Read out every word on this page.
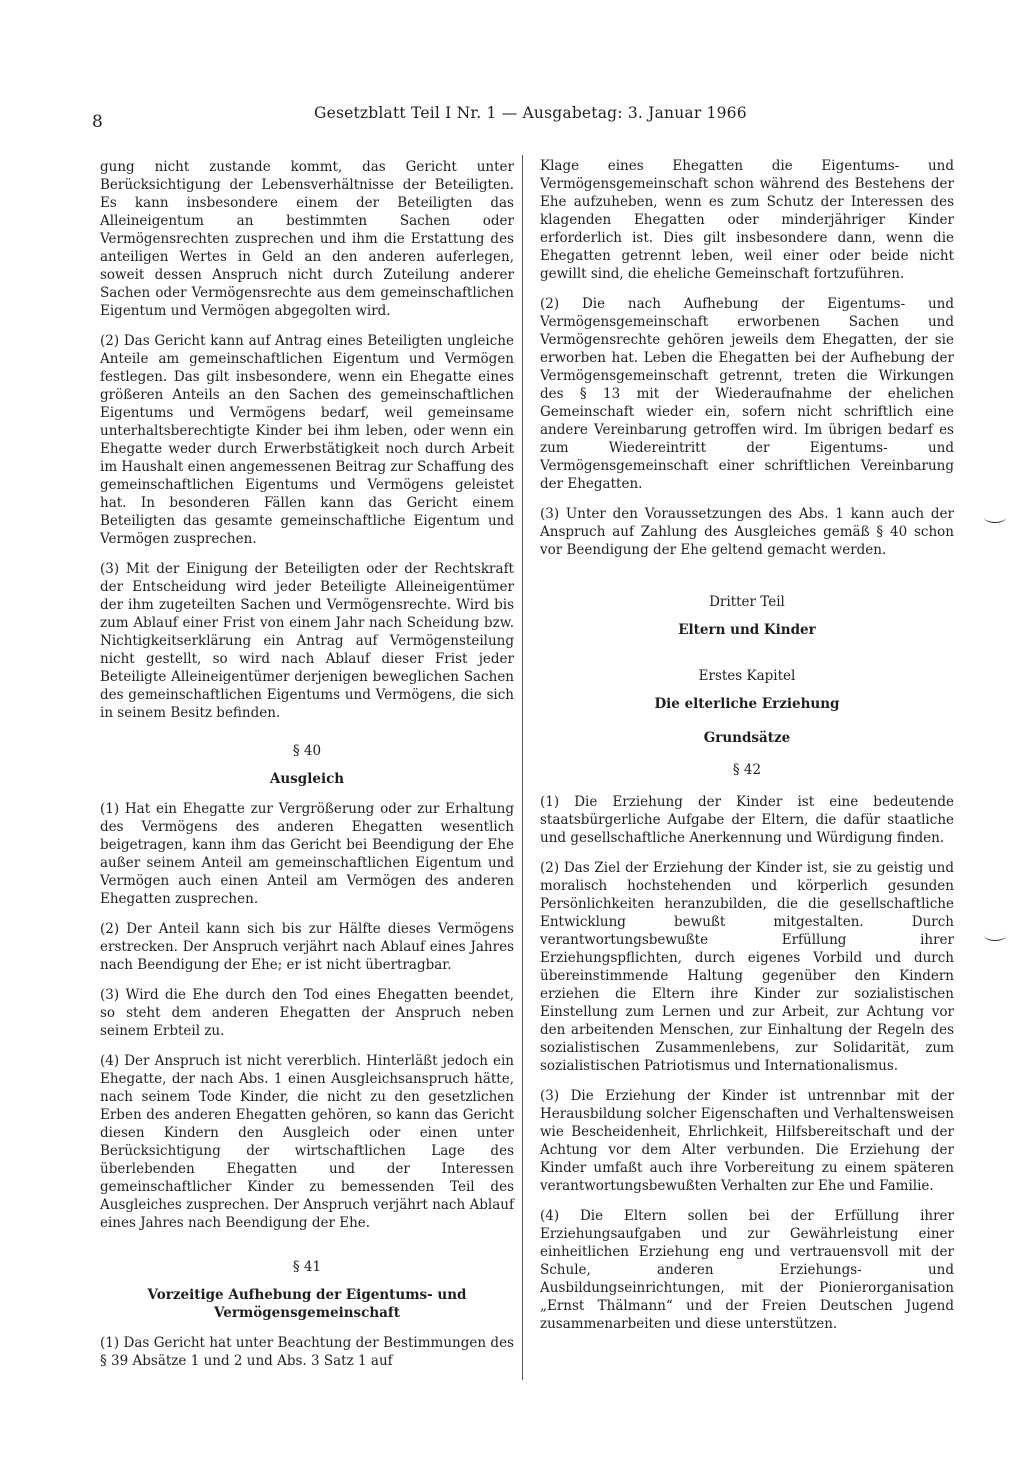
8	Gesetzblatt Teil I Nr. 1 — Ausgabetag: 3. Januar 1966

gung nicht zustande kommt, das Gericht unter Berücksichtigung der Lebensverhältnisse der Beteiligten. Es kann insbesondere einem der Beteiligten das Alleineigentum an bestimmten Sachen oder Vermögensrechten zusprechen und ihm die Erstattung des anteiligen Wertes in Geld an den anderen auferlegen, soweit dessen Anspruch nicht durch Zuteilung anderer Sachen oder Vermögensrechte aus dem gemeinschaftlichen Eigentum und Vermögen abgegolten wird.

(2) Das Gericht kann auf Antrag eines Beteiligten ungleiche Anteile am gemeinschaftlichen Eigentum und Vermögen festlegen. Das gilt insbesondere, wenn ein Ehegatte eines größeren Anteils an den Sachen des gemeinschaftlichen Eigentums und Vermögens bedarf, weil gemeinsame unterhaltsberechtigte Kinder bei ihm leben, oder wenn ein Ehegatte weder durch Erwerbstätigkeit noch durch Arbeit im Haushalt einen angemessenen Beitrag zur Schaffung des gemeinschaftlichen Eigentums und Vermögens geleistet hat. In besonderen Fällen kann das Gericht einem Beteiligten das gesamte gemeinschaftliche Eigentum und Vermögen zusprechen.

(3) Mit der Einigung der Beteiligten oder der Rechtskraft der Entscheidung wird jeder Beteiligte Alleineigentümer der ihm zugeteilten Sachen und Vermögensrechte. Wird bis zum Ablauf einer Frist von einem Jahr nach Scheidung bzw. Nichtigkeitserklärung ein Antrag auf Vermögensteilung nicht gestellt, so wird nach Ablauf dieser Frist jeder Beteiligte Alleineigentümer derjenigen beweglichen Sachen des gemeinschaftlichen Eigentums und Vermögens, die sich in seinem Besitz befinden.

§ 40

Ausgleich

(1) Hat ein Ehegatte zur Vergrößerung oder zur Erhaltung des Vermögens des anderen Ehegatten wesentlich beigetragen, kann ihm das Gericht bei Beendigung der Ehe außer seinem Anteil am gemeinschaftlichen Eigentum und Vermögen auch einen Anteil am Vermögen des anderen Ehegatten zusprechen.

(2) Der Anteil kann sich bis zur Hälfte dieses Vermögens erstrecken. Der Anspruch verjährt nach Ablauf eines Jahres nach Beendigung der Ehe; er ist nicht übertragbar.

(3) Wird die Ehe durch den Tod eines Ehegatten beendet, so steht dem anderen Ehegatten der Anspruch neben seinem Erbteil zu.

(4) Der Anspruch ist nicht vererblich. Hinterläßt jedoch ein Ehegatte, der nach Abs. 1 einen Ausgleichsanspruch hätte, nach seinem Tode Kinder, die nicht zu den gesetzlichen Erben des anderen Ehegatten gehören, so kann das Gericht diesen Kindern den Ausgleich oder einen unter Berücksichtigung der wirtschaftlichen Lage des überlebenden Ehegatten und der Interessen gemeinschaftlicher Kinder zu bemessenden Teil des Ausgleiches zusprechen. Der Anspruch verjährt nach Ablauf eines Jahres nach Beendigung der Ehe.

§ 41

Vorzeitige Aufhebung der Eigentums- und Vermögensgemeinschaft

(1) Das Gericht hat unter Beachtung der Bestimmungen des § 39 Absätze 1 und 2 und Abs. 3 Satz 1 auf

Klage eines Ehegatten die Eigentums- und Vermögensgemeinschaft schon während des Bestehens der Ehe aufzuheben, wenn es zum Schutz der Interessen des klagenden Ehegatten oder minderjähriger Kinder erforderlich ist. Dies gilt insbesondere dann, wenn die Ehegatten getrennt leben, weil einer oder beide nicht gewillt sind, die eheliche Gemeinschaft fortzuführen.

(2) Die nach Aufhebung der Eigentums- und Vermögensgemeinschaft erworbenen Sachen und Vermögensrechte gehören jeweils dem Ehegatten, der sie erworben hat. Leben die Ehegatten bei der Aufhebung der Vermögensgemeinschaft getrennt, treten die Wirkungen des § 13 mit der Wiederaufnahme der ehelichen Gemeinschaft wieder ein, sofern nicht schriftlich eine andere Vereinbarung getroffen wird. Im übrigen bedarf es zum Wiedereintritt der Eigentums- und Vermögensgemeinschaft einer schriftlichen Vereinbarung der Ehegatten.

(3) Unter den Voraussetzungen des Abs. 1 kann auch der Anspruch auf Zahlung des Ausgleiches gemäß § 40 schon vor Beendigung der Ehe geltend gemacht werden.

Dritter Teil

Eltern und Kinder

Erstes Kapitel

Die elterliche Erziehung

Grundsätze

§ 42

(1) Die Erziehung der Kinder ist eine bedeutende staatsbürgerliche Aufgabe der Eltern, die dafür staatliche und gesellschaftliche Anerkennung und Würdigung finden.

(2) Das Ziel der Erziehung der Kinder ist, sie zu geistig und moralisch hochstehenden und körperlich gesunden Persönlichkeiten heranzubilden, die die gesellschaftliche Entwicklung bewußt mitgestalten. Durch verantwortungsbewußte Erfüllung ihrer Erziehungspflichten, durch eigenes Vorbild und durch übereinstimmende Haltung gegenüber den Kindern erziehen die Eltern ihre Kinder zur sozialistischen Einstellung zum Lernen und zur Arbeit, zur Achtung vor den arbeitenden Menschen, zur Einhaltung der Regeln des sozialistischen Zusammenlebens, zur Solidarität, zum sozialistischen Patriotismus und Internationalismus.

(3) Die Erziehung der Kinder ist untrennbar mit der Herausbildung solcher Eigenschaften und Verhaltensweisen wie Bescheidenheit, Ehrlichkeit, Hilfsbereitschaft und der Achtung vor dem Alter verbunden. Die Erziehung der Kinder umfaßt auch ihre Vorbereitung zu einem späteren verantwortungsbewußten Verhalten zur Ehe und Familie.

(4) Die Eltern sollen bei der Erfüllung ihrer Erziehungsaufgaben und zur Gewährleistung einer einheitlichen Erziehung eng und vertrauensvoll mit der Schule, anderen Erziehungs- und Ausbildungseinrichtungen, mit der Pionierorganisation „Ernst Thälmann“ und der Freien Deutschen Jugend zusammenarbeiten und diese unterstützen.
